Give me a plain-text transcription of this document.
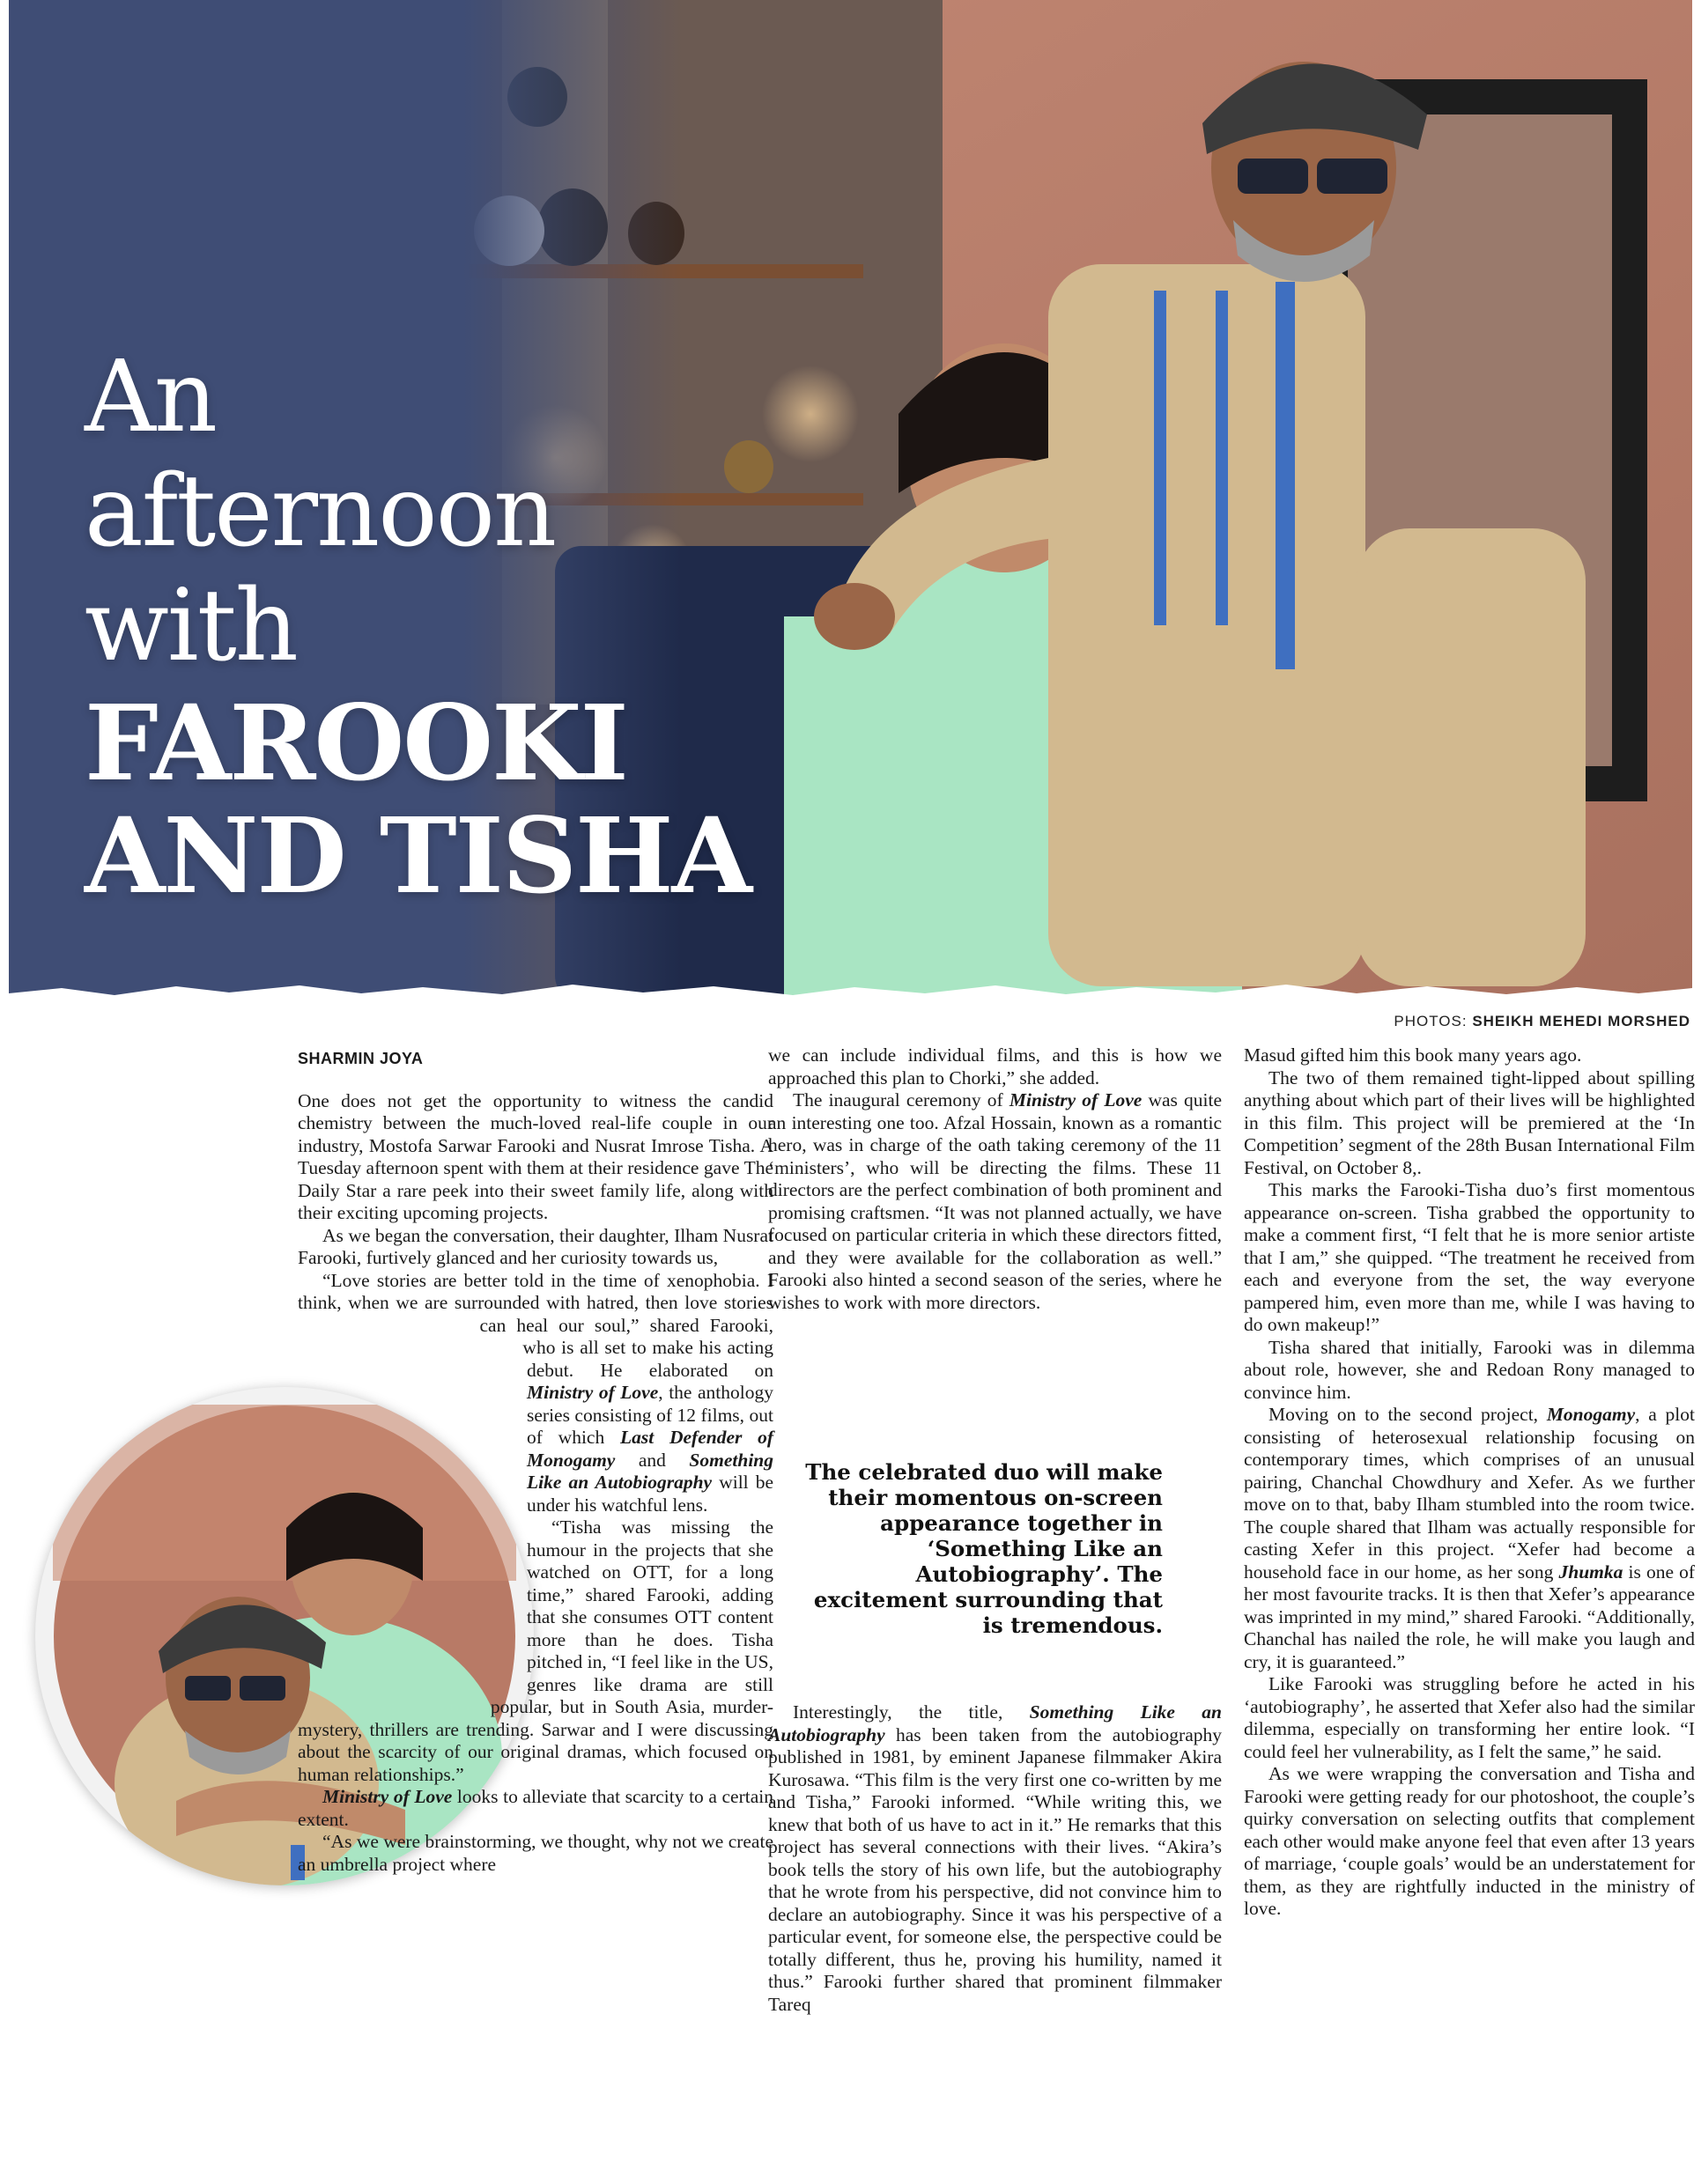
An
afternoon
with
FAROOKI
AND TISHA
PHOTOS: SHEIKH MEHEDI MORSHED
SHARMIN JOYA

One does not get the opportunity to witness the candid chemistry between the much-loved real-life couple in our industry, Mostofa Sarwar Farooki and Nusrat Imrose Tisha. A Tuesday afternoon spent with them at their residence gave The Daily Star a rare peek into their sweet family life, along with their exciting upcoming projects.

As we began the conversation, their daughter, Ilham Nusrat Farooki, furtively glanced and her curiosity towards us,

“Love stories are better told in the time of xenophobia. I think, when we are surrounded with hatred, then love stories can heal our soul,” shared Farooki, who is all set to make his acting debut. He elaborated on Ministry of Love, the anthology series consisting of 12 films, out of which Last Defender of Monogamy and Something Like an Autobiography will be under his watchful lens.

“Tisha was missing the humour in the projects that she watched on OTT, for a long time,” shared Farooki, adding that she consumes OTT content more than he does. Tisha pitched in, “I feel like in the US, genres like drama are still popular, but in South Asia, murder-mystery, thrillers are trending. Sarwar and I were discussing about the scarcity of our original dramas, which focused on human relationships.”

Ministry of Love looks to alleviate that scarcity to a certain extent.

“As we were brainstorming, we thought, why not we create an umbrella project where

we can include individual films, and this is how we approached this plan to Chorki,” she added.

The inaugural ceremony of Ministry of Love was quite an interesting one too. Afzal Hossain, known as a romantic hero, was in charge of the oath taking ceremony of the 11 ‘ministers’, who will be directing the films. These 11 directors are the perfect combination of both prominent and promising craftsmen. “It was not planned actually, we have focused on particular criteria in which these directors fitted, and they were available for the collaboration as well.” Farooki also hinted a second season of the series, where he wishes to work with more directors.

Interestingly, the title, Something Like an Autobiography has been taken from the autobiography published in 1981, by eminent Japanese filmmaker Akira Kurosawa. “This film is the very first one co-written by me and Tisha,” Farooki informed. “While writing this, we knew that both of us have to act in it.” He remarks that this project has several connections with their lives. “Akira’s book tells the story of his own life, but the autobiography that he wrote from his perspective, did not convince him to declare an autobiography. Since it was his perspective of a particular event, for someone else, the perspective could be totally different, thus he, proving his humility, named it thus.” Farooki further shared that prominent filmmaker Tareq

The celebrated duo will make their momentous on-screen appearance together in ‘Something Like an Autobiography’. The excitement surrounding that is tremendous.

Masud gifted him this book many years ago.

The two of them remained tight-lipped about spilling anything about which part of their lives will be highlighted in this film. This project will be premiered at the ‘In Competition’ segment of the 28th Busan International Film Festival, on October 8,.

This marks the Farooki-Tisha duo’s first momentous appearance on-screen. Tisha grabbed the opportunity to make a comment first, “I felt that he is more senior artiste that I am,” she quipped. “The treatment he received from each and everyone from the set, the way everyone pampered him, even more than me, while I was having to do own makeup!”

Tisha shared that initially, Farooki was in dilemma about role, however, she and Redoan Rony managed to convince him.

Moving on to the second project, Monogamy, a plot consisting of heterosexual relationship focusing on contemporary times, which comprises of an unusual pairing, Chanchal Chowdhury and Xefer. As we further move on to that, baby Ilham stumbled into the room twice. The couple shared that Ilham was actually responsible for casting Xefer in this project. “Xefer had become a household face in our home, as her song Jhumka is one of her most favourite tracks. It is then that Xefer’s appearance was imprinted in my mind,” shared Farooki. “Additionally, Chanchal has nailed the role, he will make you laugh and cry, it is guaranteed.”

Like Farooki was struggling before he acted in his ‘autobiography’, he asserted that Xefer also had the similar dilemma, especially on transforming her entire look. “I could feel her vulnerability, as I felt the same,” he said.

As we were wrapping the conversation and Tisha and Farooki were getting ready for our photoshoot, the couple’s quirky conversation on selecting outfits that complement each other would make anyone feel that even after 13 years of marriage, ‘couple goals’ would be an understatement for them, as they are rightfully inducted in the ministry of love.
